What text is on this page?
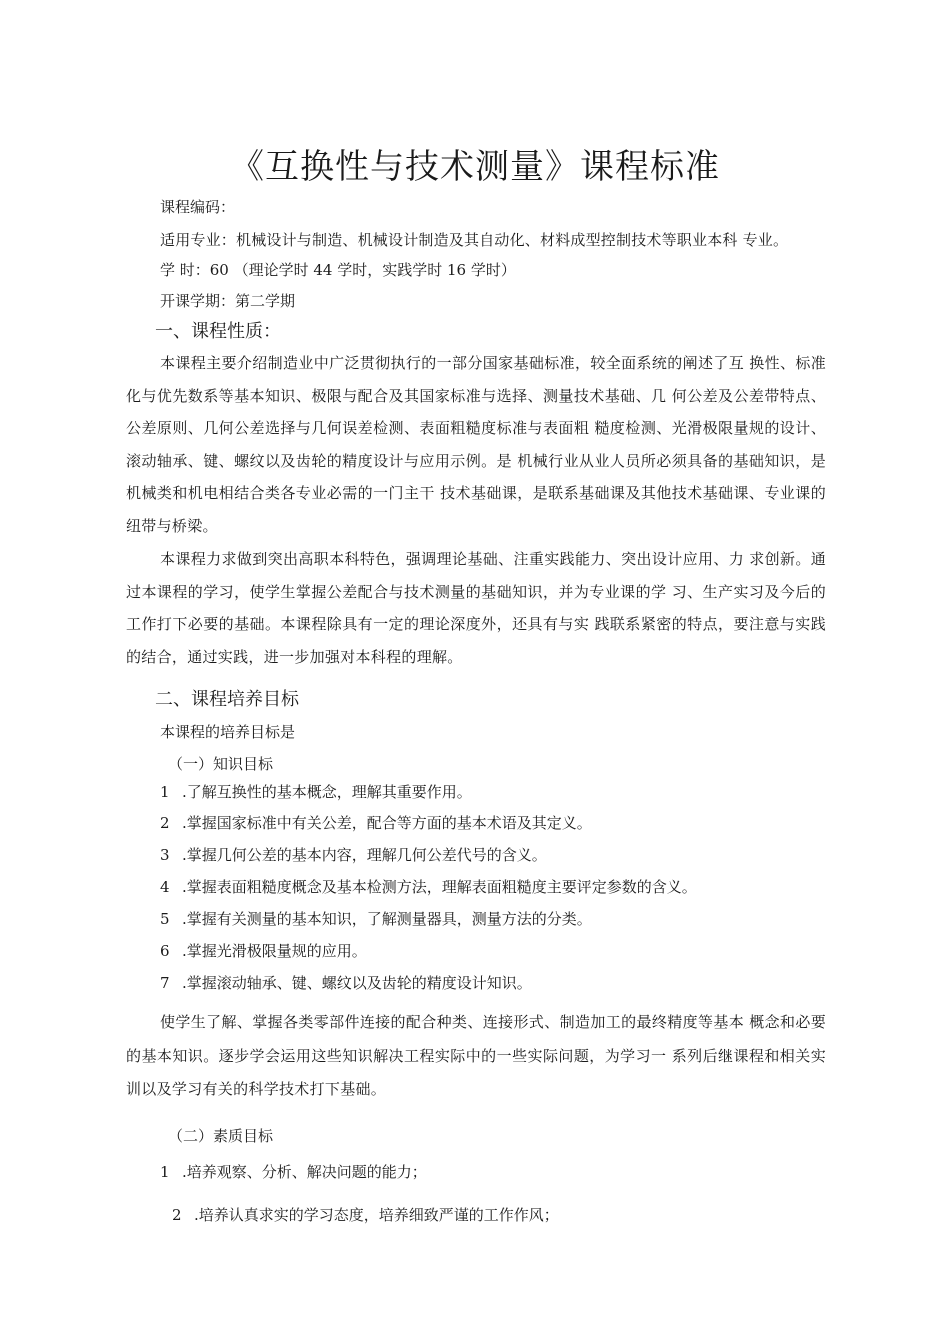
《互换性与技术测量》课程标准
课程编码：
适用专业：机械设计与制造、机械设计制造及其自动化、材料成型控制技术等职业本科 专业。
学 时：60 （理论学时 44 学时，实践学时 16 学时）
开课学期：第二学期
一、课程性质：
本课程主要介绍制造业中广泛贯彻执行的一部分国家基础标准，较全面系统的阐述了互 换性、标准化与优先数系等基本知识、极限与配合及其国家标准与选择、测量技术基础、几 何公差及公差带特点、公差原则、几何公差选择与几何误差检测、表面粗糙度标准与表面粗 糙度检测、光滑极限量规的设计、滚动轴承、键、螺纹以及齿轮的精度设计与应用示例。是 机械行业从业人员所必须具备的基础知识，是机械类和机电相结合类各专业必需的一门主干 技术基础课，是联系基础课及其他技术基础课、专业课的纽带与桥梁。
本课程力求做到突出高职本科特色，强调理论基础、注重实践能力、突出设计应用、力 求创新。通过本课程的学习，使学生掌握公差配合与技术测量的基础知识，并为专业课的学 习、生产实习及今后的工作打下必要的基础。本课程除具有一定的理论深度外，还具有与实 践联系紧密的特点，要注意与实践的结合，通过实践，进一步加强对本科程的理解。
二、课程培养目标
本课程的培养目标是
（一）知识目标
1 .了解互换性的基本概念，理解其重要作用。
2 .掌握国家标准中有关公差，配合等方面的基本术语及其定义。
3 .掌握几何公差的基本内容，理解几何公差代号的含义。
4 .掌握表面粗糙度概念及基本检测方法，理解表面粗糙度主要评定参数的含义。
5 .掌握有关测量的基本知识，了解测量器具，测量方法的分类。
6 .掌握光滑极限量规的应用。
7 .掌握滚动轴承、键、螺纹以及齿轮的精度设计知识。
使学生了解、掌握各类零部件连接的配合种类、连接形式、制造加工的最终精度等基本 概念和必要的基本知识。逐步学会运用这些知识解决工程实际中的一些实际问题，为学习一 系列后继课程和相关实训以及学习有关的科学技术打下基础。
（二）素质目标
1 .培养观察、分析、解决问题的能力；
2 .培养认真求实的学习态度，培养细致严谨的工作作风；
